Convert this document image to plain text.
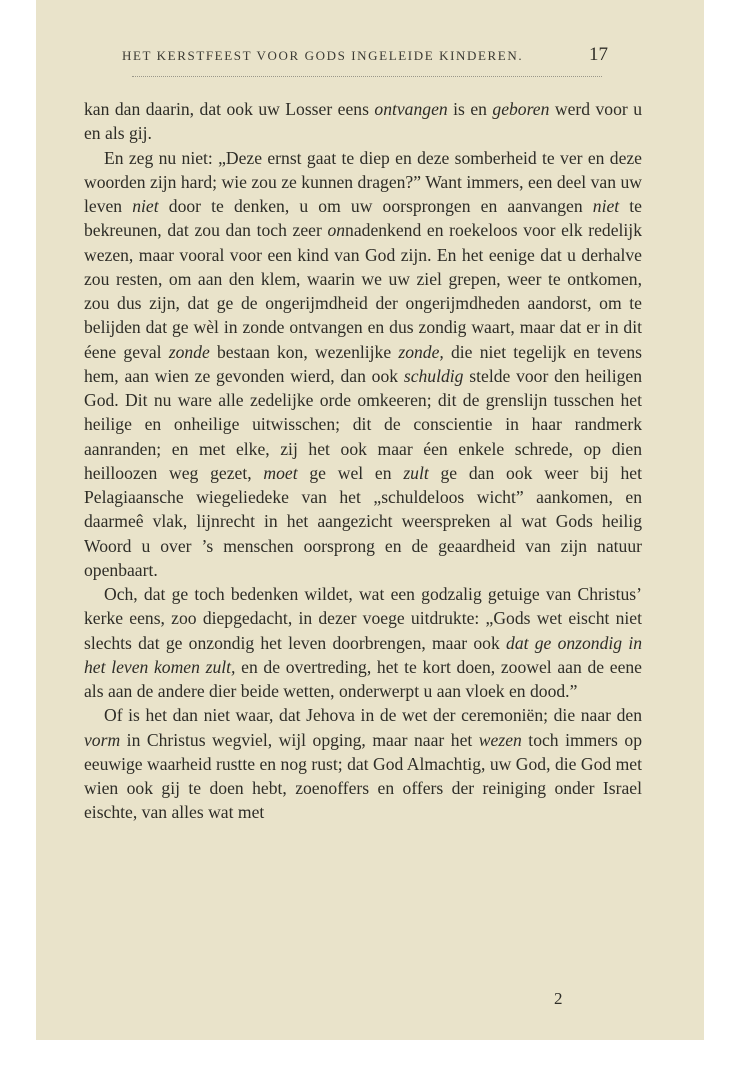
HET KERSTFEEST VOOR GODS INGELEIDE KINDEREN.	17

kan dan daarin, dat ook uw Losser eens ontvangen is en geboren werd voor u en als gij.

En zeg nu niet: „Deze ernst gaat te diep en deze somberheid te ver en deze woorden zijn hard; wie zou ze kunnen dragen?” Want immers, een deel van uw leven niet door te denken, u om uw oorsprongen en aanvangen niet te bekreunen, dat zou dan toch zeer onnadenkend en roekeloos voor elk redelijk wezen, maar vooral voor een kind van God zijn. En het eenige dat u derhalve zou resten, om aan den klem, waarin we uw ziel grepen, weer te ontkomen, zou dus zijn, dat ge de ongerijmdheid der ongerijmdheden aandorst, om te belijden dat ge wèl in zonde ontvangen en dus zondig waart, maar dat er in dit éene geval zonde bestaan kon, wezenlijke zonde, die niet tegelijk en tevens hem, aan wien ze gevonden wierd, dan ook schuldig stelde voor den heiligen God. Dit nu ware alle zedelijke orde omkeeren; dit de grenslijn tusschen het heilige en onheilige uitwisschen; dit de conscientie in haar randmerk aanranden; en met elke, zij het ook maar éen enkele schrede, op dien heilloozen weg gezet, moet ge wel en zult ge dan ook weer bij het Pelagiaansche wiegeliedeke van het „schuldeloos wicht” aankomen, en daarmeê vlak, lijnrecht in het aangezicht weerspreken al wat Gods heilig Woord u over ’s menschen oorsprong en de geaardheid van zijn natuur openbaart.

Och, dat ge toch bedenken wildet, wat een godzalig getuige van Christus’ kerke eens, zoo diepgedacht, in dezer voege uitdrukte: „Gods wet eischt niet slechts dat ge onzondig het leven doorbrengen, maar ook dat ge onzondig in het leven komen zult, en de overtreding, het te kort doen, zoowel aan de eene als aan de andere dier beide wetten, onderwerpt u aan vloek en dood.”

Of is het dan niet waar, dat Jehova in de wet der ceremoniën; die naar den vorm in Christus wegviel, wijl opging, maar naar het wezen toch immers op eeuwige waarheid rustte en nog rust; dat God Almachtig, uw God, die God met wien ook gij te doen hebt, zoenoffers en offers der reiniging onder Israel eischte, van alles wat met

2
